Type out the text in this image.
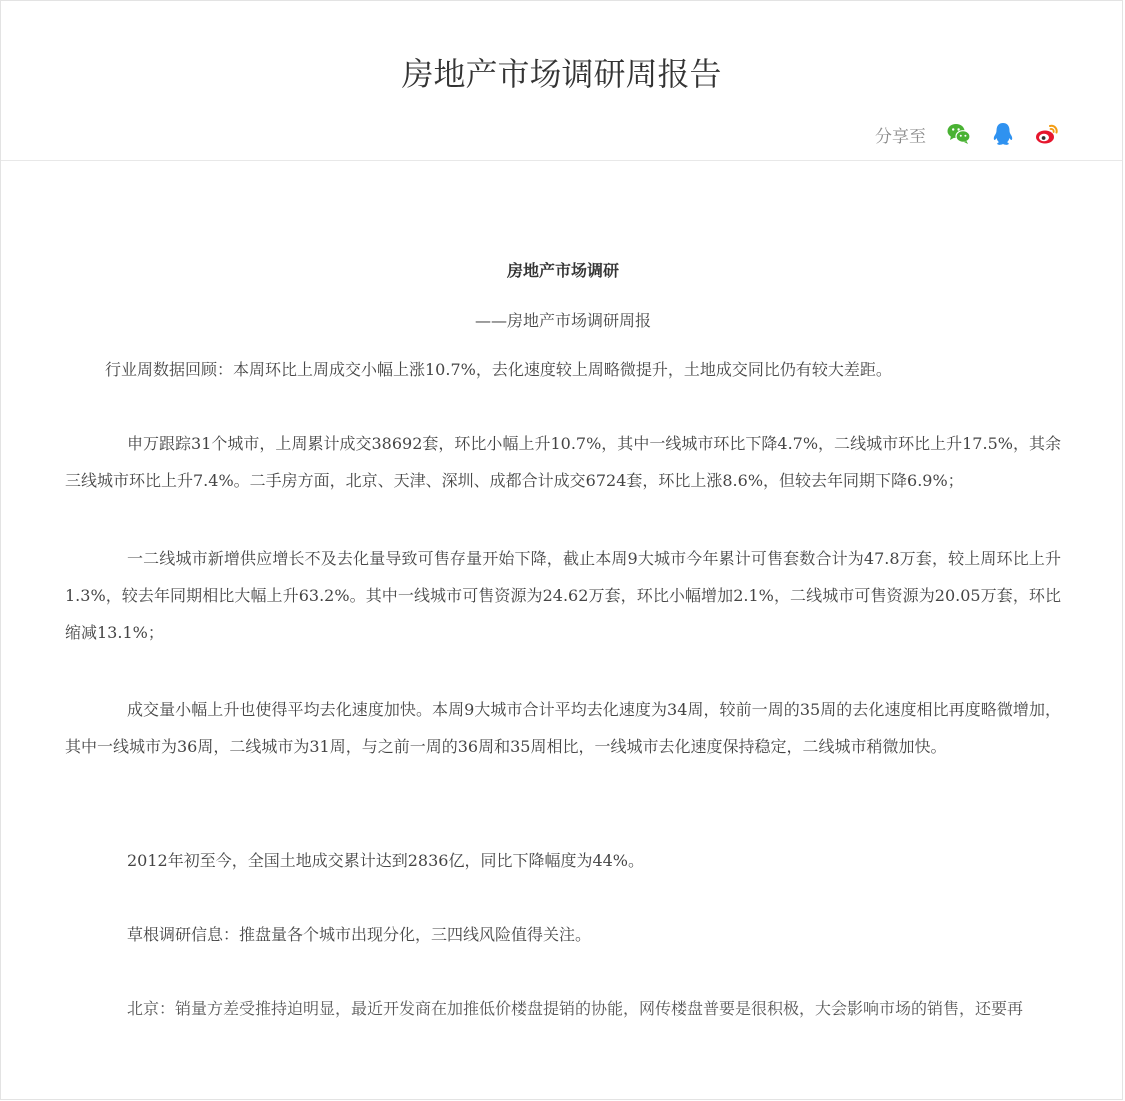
房地产市场调研周报告
分享至
房地产市场调研
——房地产市场调研周报

行业周数据回顾：本周环比上周成交小幅上涨10.7%，去化速度较上周略微提升，土地成交同比仍有较大差距。

申万跟踪31个城市，上周累计成交38692套，环比小幅上升10.7%，其中一线城市环比下降4.7%，二线城市环比上升17.5%，其余三线城市环比上升7.4%。二手房方面，北京、天津、深圳、成都合计成交6724套，环比上涨8.6%，但较去年同期下降6.9%；

一二线城市新增供应增长不及去化量导致可售存量开始下降，截止本周9大城市今年累计可售套数合计为47.8万套，较上周环比上升1.3%，较去年同期相比大幅上升63.2%。其中一线城市可售资源为24.62万套，环比小幅增加2.1%，二线城市可售资源为20.05万套，环比缩减13.1%；

成交量小幅上升也使得平均去化速度加快。本周9大城市合计平均去化速度为34周，较前一周的35周的去化速度相比再度略微增加，其中一线城市为36周，二线城市为31周，与之前一周的36周和35周相比，一线城市去化速度保持稳定，二线城市稍微加快。

2012年初至今，全国土地成交累计达到2836亿，同比下降幅度为44%。

草根调研信息：推盘量各个城市出现分化，三四线风险值得关注。

北京：销量方差受推持迫明显，最近开发商在加推低价楼盘提销的协能，网传楼盘普要是很积极，大会影响市场的销售，还要再
